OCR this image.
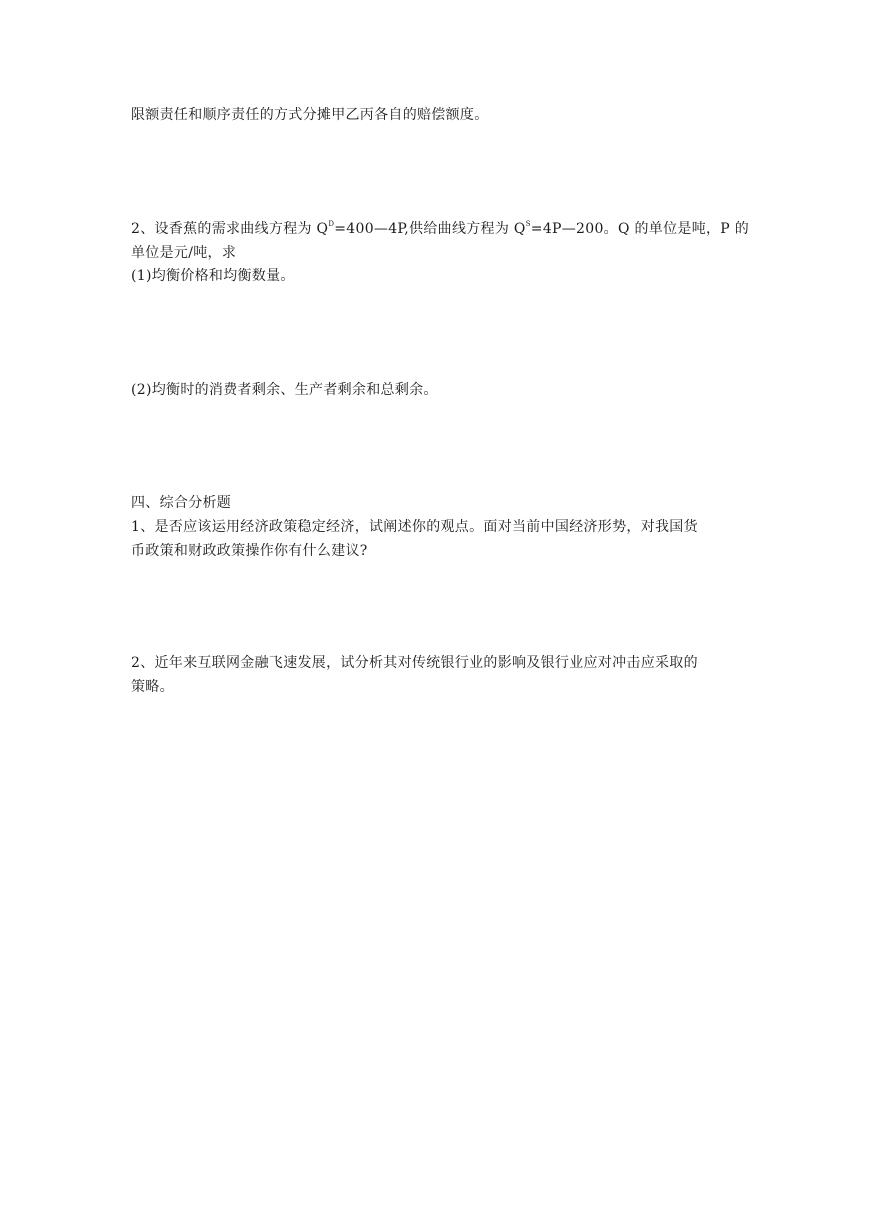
限额责任和顺序责任的方式分摊甲乙丙各自的赔偿额度。
2、设香蕉的需求曲线方程为 $Q^D=400—4P$,供给曲线方程为 $Q^S=4P—200$。Q 的单位是吨，P 的
单位是元/吨，求
(1)均衡价格和均衡数量。
(2)均衡时的消费者剩余、生产者剩余和总剩余。
四、综合分析题
1、是否应该运用经济政策稳定经济，试阐述你的观点。面对当前中国经济形势，对我国货
币政策和财政政策操作你有什么建议?
2、近年来互联网金融飞速发展，试分析其对传统银行业的影响及银行业应对冲击应采取的
策略。
